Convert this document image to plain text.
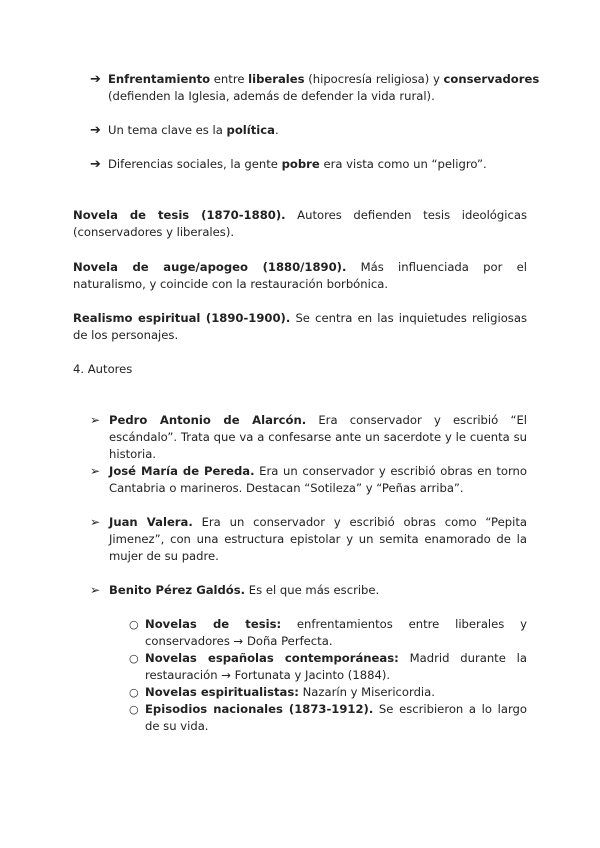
➔ Enfrentamiento entre liberales (hipocresía religiosa) y conservadores (defienden la Iglesia, además de defender la vida rural).
➔ Un tema clave es la política.
➔ Diferencias sociales, la gente pobre era vista como un “peligro”.
Novela de tesis (1870-1880). Autores defienden tesis ideológicas (conservadores y liberales).
Novela de auge/apogeo (1880/1890). Más influenciada por el naturalismo, y coincide con la restauración borbónica.
Realismo espiritual (1890-1900). Se centra en las inquietudes religiosas de los personajes.
4. Autores
➢ Pedro Antonio de Alarcón. Era conservador y escribió “El escándalo”. Trata que va a confesarse ante un sacerdote y le cuenta su historia.
➢ José María de Pereda. Era un conservador y escribió obras en torno Cantabria o marineros. Destacan “Sotileza” y “Peñas arriba”.
➢ Juan Valera. Era un conservador y escribió obras como “Pepita Jimenez”, con una estructura epistolar y un semita enamorado de la mujer de su padre.
➢ Benito Pérez Galdós. Es el que más escribe.
○ Novelas de tesis: enfrentamientos entre liberales y conservadores → Doña Perfecta.
○ Novelas españolas contemporáneas: Madrid durante la restauración → Fortunata y Jacinto (1884).
○ Novelas espiritualistas: Nazarín y Misericordia.
○ Episodios nacionales (1873-1912). Se escribieron a lo largo de su vida.
